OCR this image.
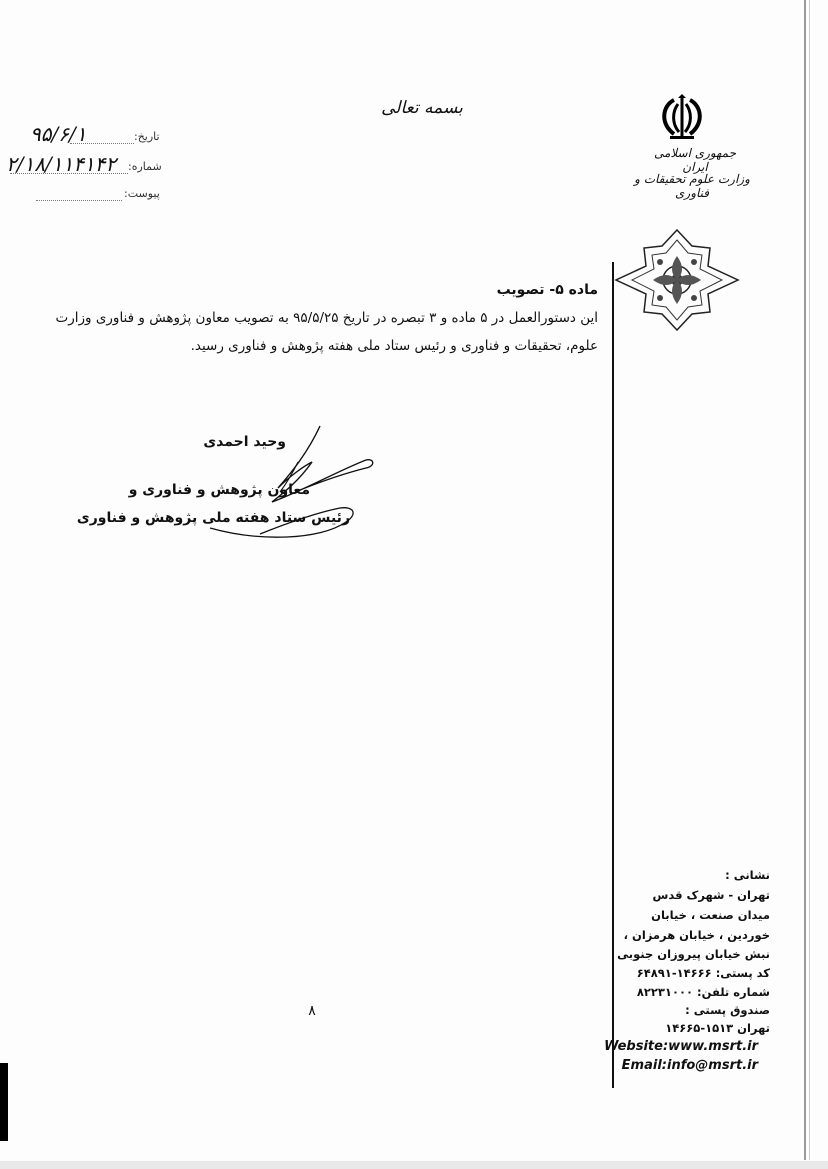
بسمه تعالی
جمهوری اسلامی ایران
وزارت علوم تحقیقات و فناوری
تاریخ:
۹۵/۶/۱
شماره:
۲/۱۸/۱۱۴۱۴۲
پیوست:
ماده ۵- تصویب
این دستورالعمل در ۵ ماده و ۳ تبصره در تاریخ ۹۵/۵/۲۵ به تصویب معاون پژوهش و فناوری وزارت
علوم، تحقیقات و فناوری و رئیس ستاد ملی هفته پژوهش و فناوری رسید.
وحید احمدی
معاون پژوهش و فناوری و
رئیس ستاد هفته ملی پژوهش و فناوری
۸
نشانی :
تهران - شهرک قدس
میدان صنعت ، خیابان
خوردین ، خیابان هرمزان ،
نبش خیابان پیروزان جنوبی
کد پستی: ۱۴۶۶۶-۶۴۸۹۱
شماره تلفن: ۸۲۲۳۱۰۰۰
صندوق پستی :
تهران ۱۵۱۳-۱۴۶۶۵
Website:www.msrt.ir
Email:info@msrt.ir
